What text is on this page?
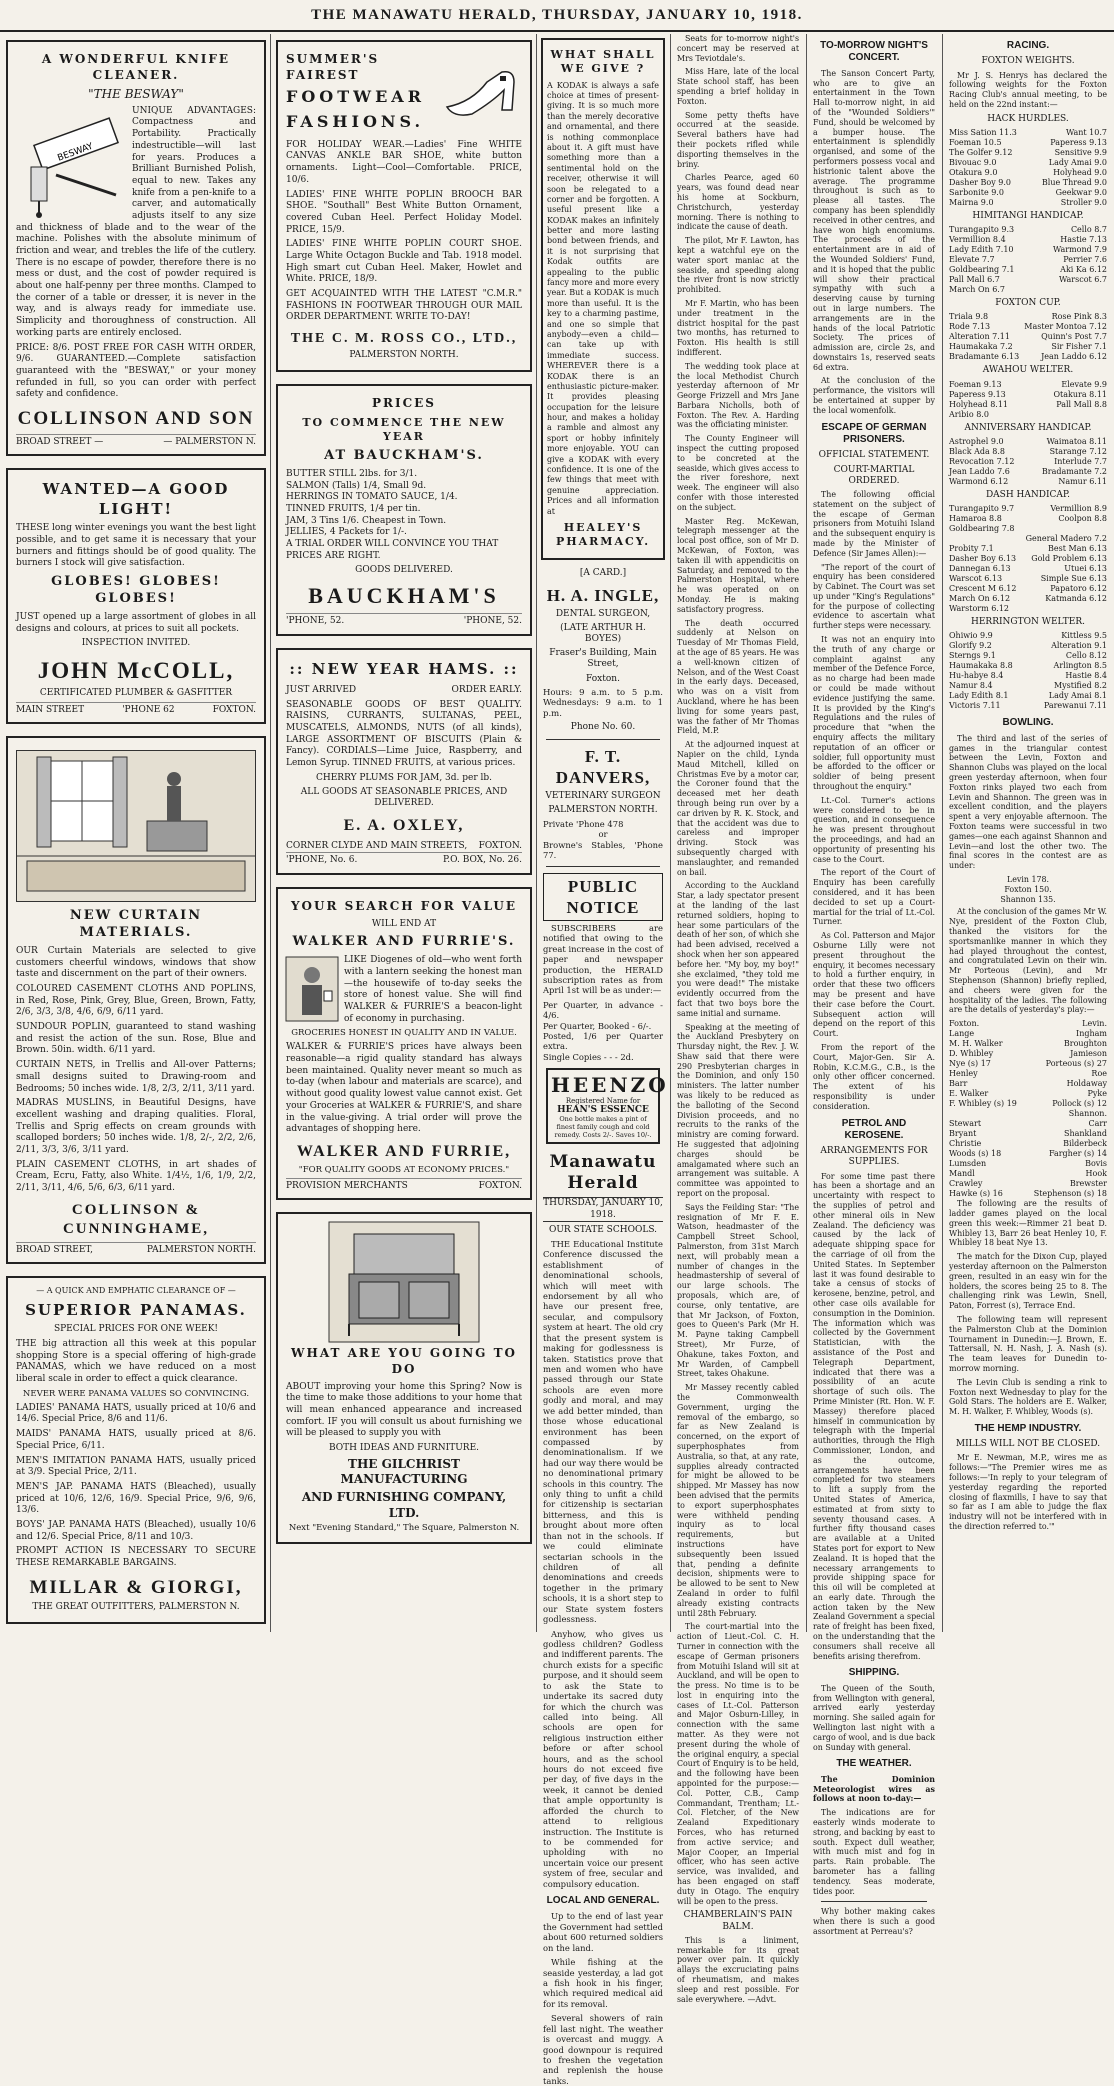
THE MANAWATU HERALD, THURSDAY, JANUARY 10, 1918.
A WONDERFUL KNIFE CLEANER.
"THE BESWAY"
BESWAY

UNIQUE ADVANTAGES: Compactness and Portability. Practically indestructible—will last for years. Produces a Brilliant Burnished Polish, equal to new. Takes any knife from a pen-knife to a carver, and automatically adjusts itself to any size and thickness of blade and to the wear of the machine. Polishes with the absolute minimum of friction and wear, and trebles the life of the cutlery. There is no escape of powder, therefore there is no mess or dust, and the cost of powder required is about one half-penny per three months. Clamped to the corner of a table or dresser, it is never in the way, and is always ready for immediate use. Simplicity and thoroughness of construction. All working parts are entirely enclosed.

PRICE: 8/6. POST FREE FOR CASH WITH ORDER, 9/6. GUARANTEED.—Complete satisfaction guaranteed with the "BESWAY," or your money refunded in full, so you can order with perfect safety and confidence.

COLLINSON AND SON
BROAD STREET —	— PALMERSTON N.
WANTED—A GOOD LIGHT!

THESE long winter evenings you want the best light possible, and to get same it is necessary that your burners and fittings should be of good quality. The burners I stock will give satisfaction.

GLOBES! GLOBES! GLOBES!

JUST opened up a large assortment of globes in all designs and colours, at prices to suit all pockets.

INSPECTION INVITED.
JOHN McCOLL,
CERTIFICATED PLUMBER & GASFITTER
MAIN STREET	'PHONE 62	FOXTON.
NEW CURTAIN MATERIALS.

OUR Curtain Materials are selected to give customers cheerful windows, windows that show taste and discernment on the part of their owners.

COLOURED CASEMENT CLOTHS AND POPLINS, in Red, Rose, Pink, Grey, Blue, Green, Brown, Fatty, 2/6, 3/3, 3/8, 4/6, 6/9, 6/11 yard.

SUNDOUR POPLIN, guaranteed to stand washing and resist the action of the sun. Rose, Blue and Brown. 50in. width. 6/11 yard.

CURTAIN NETS, in Trellis and All-over Patterns; small designs suited to Drawing-room and Bedrooms; 50 inches wide. 1/8, 2/3, 2/11, 3/11 yard.

MADRAS MUSLINS, in Beautiful Designs, have excellent washing and draping qualities. Floral, Trellis and Sprig effects on cream grounds with scalloped borders; 50 inches wide. 1/8, 2/-, 2/2, 2/6, 2/11, 3/3, 3/6, 3/11 yard.

PLAIN CASEMENT CLOTHS, in art shades of Cream, Ecru, Fatty, also White. 1/4½, 1/6, 1/9, 2/2, 2/11, 3/11, 4/6, 5/6, 6/3, 6/11 yard.

COLLINSON & CUNNINGHAME,
BROAD STREET,	PALMERSTON NORTH.
— A QUICK AND EMPHATIC CLEARANCE OF —
SUPERIOR PANAMAS.
SPECIAL PRICES FOR ONE WEEK!

THE big attraction all this week at this popular shopping Store is a special offering of high-grade PANAMAS, which we have reduced on a most liberal scale in order to effect a quick clearance.

NEVER WERE PANAMA VALUES SO CONVINCING.

LADIES' PANAMA HATS, usually priced at 10/6 and 14/6. Special Price, 8/6 and 11/6.

MAIDS' PANAMA HATS, usually priced at 8/6. Special Price, 6/11.

MEN'S IMITATION PANAMA HATS, usually priced at 3/9. Special Price, 2/11.

MEN'S JAP. PANAMA HATS (Bleached), usually priced at 10/6, 12/6, 16/9. Special Price, 9/6, 9/6, 13/6.

BOYS' JAP. PANAMA HATS (Bleached), usually 10/6 and 12/6. Special Price, 8/11 and 10/3.

PROMPT ACTION IS NECESSARY TO SECURE THESE REMARKABLE BARGAINS.

MILLAR & GIORGI,
THE GREAT OUTFITTERS, PALMERSTON N.
SUMMER'S FAIREST
FOOTWEAR
FASHIONS.

FOR HOLIDAY WEAR.—Ladies' Fine WHITE CANVAS ANKLE BAR SHOE, white button ornaments. Light—Cool—Comfortable. PRICE, 10/6.

LADIES' FINE WHITE POPLIN BROOCH BAR SHOE. "Southall" Best White Button Ornament, covered Cuban Heel. Perfect Holiday Model. PRICE, 15/9.

LADIES' FINE WHITE POPLIN COURT SHOE. Large White Octagon Buckle and Tab. 1918 model. High smart cut Cuban Heel. Maker, Howlet and White. PRICE, 18/9.

GET ACQUAINTED WITH THE LATEST "C.M.R." FASHIONS IN FOOTWEAR THROUGH OUR MAIL ORDER DEPARTMENT. WRITE TO-DAY!

THE C. M. ROSS CO., LTD.,
PALMERSTON NORTH.
PRICES
TO COMMENCE THE NEW YEAR
AT BAUCKHAM'S.
BUTTER STILL 2lbs. for 3/1.
SALMON (Talls) 1/4, Small 9d.
HERRINGS IN TOMATO SAUCE, 1/4.
TINNED FRUITS, 1/4 per tin.
JAM, 3 Tins 1/6. Cheapest in Town.
JELLIES, 4 Packets for 1/-.
A TRIAL ORDER WILL CONVINCE YOU THAT PRICES ARE RIGHT.
GOODS DELIVERED.
BAUCKHAM'S
'PHONE, 52.	'PHONE, 52.
:: NEW YEAR HAMS. ::
JUST ARRIVED	ORDER EARLY.

SEASONABLE GOODS OF BEST QUALITY. RAISINS, CURRANTS, SULTANAS, PEEL, MUSCATELS, ALMONDS, NUTS (of all kinds), LARGE ASSORTMENT OF BISCUITS (Plain & Fancy). CORDIALS—Lime Juice, Raspberry, and Lemon Syrup. TINNED FRUITS, at various prices.

CHERRY PLUMS FOR JAM, 3d. per lb.
ALL GOODS AT SEASONABLE PRICES, AND DELIVERED.
E. A. OXLEY,
CORNER CLYDE AND MAIN STREETS, FOXTON.
'PHONE, No. 6.	P.O. BOX, No. 26.
YOUR SEARCH FOR VALUE
WILL END AT
WALKER AND FURRIE'S.

LIKE Diogenes of old—who went forth with a lantern seeking the honest man—the housewife of to-day seeks the store of honest value. She will find WALKER & FURRIE'S a beacon-light of economy in purchasing.

GROCERIES HONEST IN QUALITY AND IN VALUE.

WALKER & FURRIE'S prices have always been reasonable—a rigid quality standard has always been maintained. Quality never meant so much as to-day (when labour and materials are scarce), and without good quality lowest value cannot exist. Get your Groceries at WALKER & FURRIE'S, and share in the value-giving. A trial order will prove the advantages of shopping here.

WALKER AND FURRIE,
"FOR QUALITY GOODS AT ECONOMY PRICES."
PROVISION MERCHANTS	FOXTON.
WHAT ARE YOU GOING TO DO

ABOUT improving your home this Spring? Now is the time to make those additions to your home that will mean enhanced appearance and increased comfort. IF you will consult us about furnishing we will be pleased to supply you with

BOTH IDEAS AND FURNITURE.
THE GILCHRIST MANUFACTURING
AND FURNISHING COMPANY, LTD.
Next "Evening Standard," The Square, Palmerston N.
WHAT SHALL WE GIVE ?

A KODAK is always a safe choice at times of present-giving. It is so much more than the merely decorative and ornamental, and there is nothing commonplace about it. A gift must have something more than a sentimental hold on the receiver, otherwise it will soon be relegated to a corner and be forgotten. A useful present like a KODAK makes an infinitely better and more lasting bond between friends, and it is not surprising that Kodak outfits are appealing to the public fancy more and more every year. But a KODAK is much more than useful. It is the key to a charming pastime, and one so simple that anybody—even a child—can take up with immediate success. WHEREVER there is a KODAK there is an enthusiastic picture-maker. It provides pleasing occupation for the leisure hour, and makes a holiday a ramble and almost any sport or hobby infinitely more enjoyable. YOU can give a KODAK with every confidence. It is one of the few things that meet with genuine appreciation. Prices and all information at

HEALEY'S PHARMACY.
[A CARD.]
H. A. INGLE,
DENTAL SURGEON,
(LATE ARTHUR H. BOYES)
Fraser's Building, Main Street,
Foxton.
Hours: 9 a.m. to 5 p.m. Wednesdays: 9 a.m. to 1 p.m.
Phone No. 60.
F. T. DANVERS,
VETERINARY SURGEON
PALMERSTON NORTH.
Private 'Phone 478
or
Browne's Stables, 'Phone 77.
PUBLIC NOTICE

SUBSCRIBERS are notified that owing to the great increase in the cost of paper and newspaper production, the HERALD subscription rates as from April 1st will be as under:—

Per Quarter, in advance - 4/6.
Per Quarter, Booked - 6/-.
Posted, 1/6 per Quarter extra.
Single Copies - - - 2d.
HEENZO
Registered Name for
HEAN'S ESSENCE
One bottle makes a pint of finest family cough and cold remedy. Costs 2/-. Saves 10/-.
Manawatu Herald
THURSDAY, JANUARY 10, 1918.
OUR STATE SCHOOLS.

THE Educational Institute Conference discussed the establishment of denominational schools, which will meet with endorsement by all who have our present free, secular, and compulsory system at heart. The old cry that the present system is making for godlessness is taken. Statistics prove that men and women who have passed through our State schools are even more godly and moral, and may we add better minded, than those whose educational environment has been compassed by denominationalism. If we had our way there would be no denominational primary schools in this country. The only thing to unfit a child for citizenship is sectarian bitterness, and this is brought about more often than not in the schools. If we could eliminate sectarian schools in the children of all denominations and creeds together in the primary schools, it is a short step to our State system fosters godlessness.

Anyhow, who gives us godless children? Godless and indifferent parents. The church exists for a specific purpose, and it should seem to ask the State to undertake its sacred duty for which the church was called into being. All schools are open for religious instruction either before or after school hours, and as the school hours do not exceed five per day, of five days in the week, it cannot be denied that ample opportunity is afforded the church to attend to religious instruction. The Institute is to be commended for upholding with no uncertain voice our present system of free, secular and compulsory education.

LOCAL AND GENERAL.

Up to the end of last year the Government had settled about 600 returned soldiers on the land.

While fishing at the seaside yesterday, a lad got a fish hook in his finger, which required medical aid for its removal.

Several showers of rain fell last night. The weather is overcast and muggy. A good downpour is required to freshen the vegetation and replenish the house tanks.

Seats for to-morrow night's concert may be reserved at Mrs Teviotdale's.

Miss Hare, late of the local State school staff, has been spending a brief holiday in Foxton.

Some petty thefts have occurred at the seaside. Several bathers have had their pockets rifled while disporting themselves in the briny.

Charles Pearce, aged 60 years, was found dead near his home at Sockburn, Christchurch, yesterday morning. There is nothing to indicate the cause of death.

The pilot, Mr F. Lawton, has kept a watchful eye on the water sport maniac at the seaside, and speeding along the river front is now strictly prohibited.

Mr F. Martin, who has been under treatment in the district hospital for the past two months, has returned to Foxton. His health is still indifferent.

The wedding took place at the local Methodist Church yesterday afternoon of Mr George Frizzell and Mrs Jane Barbara Nicholls, both of Foxton. The Rev. A. Harding was the officiating minister.

The County Engineer will inspect the cutting proposed to be concreted at the seaside, which gives access to the river foreshore, next week. The engineer will also confer with those interested on the subject.

Master Reg. McKewan, telegraph messenger at the local post office, son of Mr D. McKewan, of Foxton, was taken ill with appendicitis on Saturday, and removed to the Palmerston Hospital, where he was operated on on Monday. He is making satisfactory progress.

The death occurred suddenly at Nelson on Tuesday of Mr Thomas Field, at the age of 85 years. He was a well-known citizen of Nelson, and of the West Coast in the early days. Deceased, who was on a visit from Auckland, where he has been living for some years past, was the father of Mr Thomas Field, M.P.

At the adjourned inquest at Napier on the child, Lynda Maud Mitchell, killed on Christmas Eve by a motor car, the Coroner found that the deceased met her death through being run over by a car driven by R. K. Stock, and that the accident was due to careless and improper driving. Stock was subsequently charged with manslaughter, and remanded on bail.

According to the Auckland Star, a lady spectator present at the landing of the last returned soldiers, hoping to hear some particulars of the death of her son, of which she had been advised, received a shock when her son appeared before her. "My boy, my boy!" she exclaimed, "they told me you were dead!" The mistake evidently occurred from the fact that two boys bore the same initial and surname.

Speaking at the meeting of the Auckland Presbytery on Thursday night, the Rev. J. W. Shaw said that there were 290 Presbyterian charges in the Dominion, and only 150 ministers. The latter number was likely to be reduced as the balloting of the Second Division proceeds, and no recruits to the ranks of the ministry are coming forward. He suggested that adjoining charges should be amalgamated where such an arrangement was suitable. A committee was appointed to report on the proposal.

Says the Feilding Star: "The resignation of Mr F. E. Watson, headmaster of the Campbell Street School, Palmerston, from 31st March next, will probably mean a number of changes in the headmastership of several of our large schools. The proposals, which are, of course, only tentative, are that Mr Jackson, of Foxton, goes to Queen's Park (Mr H. M. Payne taking Campbell Street), Mr Furze, of Ohakune, takes Foxton, and Mr Warden, of Campbell Street, takes Ohakune.

Mr Massey recently cabled the Commonwealth Government, urging the removal of the embargo, so far as New Zealand is concerned, on the export of superphosphates from Australia, so that, at any rate, supplies already contracted for might be allowed to be shipped. Mr Massey has now been advised that the permits to export superphosphates were withheld pending inquiry as to local requirements, but instructions have subsequently been issued that, pending a definite decision, shipments were to be allowed to be sent to New Zealand in order to fulfil already existing contracts until 28th February.

The court-martial into the action of Lieut.-Col. C. H. Turner in connection with the escape of German prisoners from Motuihi Island will sit at Auckland, and will be open to the press. No time is to be lost in enquiring into the cases of Lt.-Col. Patterson and Major Osburn-Lilley, in connection with the same matter. As they were not present during the whole of the original enquiry, a special Court of Enquiry is to be held, and the following have been appointed for the purpose:—Col. Potter, C.B., Camp Commandant, Trentham; Lt.-Col. Fletcher, of the New Zealand Expeditionary Forces, who has returned from active service; and Major Cooper, an Imperial officer, who has seen active service, was invalided, and has been engaged on staff duty in Otago. The enquiry will be open to the press.

CHAMBERLAIN'S PAIN BALM.

This is a liniment, remarkable for its great power over pain. It quickly allays the excruciating pains of rheumatism, and makes sleep and rest possible. For sale everywhere. —Advt.

TO-MORROW NIGHT'S CONCERT.

The Sanson Concert Party, who are to give an entertainment in the Town Hall to-morrow night, in aid of the "Wounded Soldiers'" Fund, should be welcomed by a bumper house. The entertainment is splendidly organised, and some of the performers possess vocal and histrionic talent above the average. The programme throughout is such as to please all tastes. The company has been splendidly received in other centres, and have won high encomiums. The proceeds of the entertainment are in aid of the Wounded Soldiers' Fund, and it is hoped that the public will show their practical sympathy with such a deserving cause by turning out in large numbers. The arrangements are in the hands of the local Patriotic Society. The prices of admission are, circle 2s, and downstairs 1s, reserved seats 6d extra.

At the conclusion of the performance, the visitors will be entertained at supper by the local womenfolk.

ESCAPE OF GERMAN PRISONERS.
OFFICIAL STATEMENT.
COURT-MARTIAL ORDERED.

The following official statement on the subject of the escape of German prisoners from Motuihi Island and the subsequent enquiry is made by the Minister of Defence (Sir James Allen):—

"The report of the court of enquiry has been considered by Cabinet. The Court was set up under "King's Regulations" for the purpose of collecting evidence to ascertain what further steps were necessary.

It was not an enquiry into the truth of any charge or complaint against any member of the Defence Force, as no charge had been made or could be made without evidence justifying the same. It is provided by the King's Regulations and the rules of procedure that "when the enquiry affects the military reputation of an officer or soldier, full opportunity must be afforded to the officer or soldier of being present throughout the enquiry."

Lt.-Col. Turner's actions were considered to be in question, and in consequence he was present throughout the proceedings, and had an opportunity of presenting his case to the Court.

The report of the Court of Enquiry has been carefully considered, and it has been decided to set up a Court-martial for the trial of Lt.-Col. Turner.

As Col. Patterson and Major Osburne Lilly were not present throughout the enquiry, it becomes necessary to hold a further enquiry, in order that these two officers may be present and have their case before the Court. Subsequent action will depend on the report of this Court.

From the report of the Court, Major-Gen. Sir A. Robin, K.C.M.G., C.B., is the only other officer concerned. The extent of his responsibility is under consideration.

PETROL AND KEROSENE.
ARRANGEMENTS FOR SUPPLIES.

For some time past there has been a shortage and an uncertainty with respect to the supplies of petrol and other mineral oils in New Zealand. The deficiency was caused by the lack of adequate shipping space for the carriage of oil from the United States. In September last it was found desirable to take a census of stocks of kerosene, benzine, petrol, and other case oils available for consumption in the Dominion. The information which was collected by the Government Statistician, with the assistance of the Post and Telegraph Department, indicated that there was a possibility of an acute shortage of such oils. The Prime Minister (Rt. Hon. W. F. Massey) therefore placed himself in communication by telegraph with the Imperial authorities, through the High Commissioner, London, and as the outcome, arrangements have been completed for two steamers to lift a supply from the United States of America, estimated at from sixty to seventy thousand cases. A further fifty thousand cases are available at a United States port for export to New Zealand. It is hoped that the necessary arrangements to provide shipping space for this oil will be completed at an early date. Through the action taken by the New Zealand Government a special rate of freight has been fixed, on the understanding that the consumers shall receive all benefits arising therefrom.

SHIPPING.

The Queen of the South, from Wellington with general, arrived early yesterday morning. She sailed again for Wellington last night with a cargo of wool, and is due back on Sunday with general.

THE WEATHER.

The Dominion Meteorologist wires as follows at noon to-day:—

The indications are for easterly winds moderate to strong, and backing by east to south. Expect dull weather, with much mist and fog in parts. Rain probable. The barometer has a falling tendency. Seas moderate, tides poor.

Why bother making cakes when there is such a good assortment at Perreau's?

RACING.
FOXTON WEIGHTS.

Mr J. S. Henrys has declared the following weights for the Foxton Racing Club's annual meeting, to be held on the 22nd instant:—

HACK HURDLES.
Miss Sation 11.3	Want 10.7
Foeman 10.5	Paperess 9.13
The Golfer 9.12	Sensitive 9.9
Bivouac 9.0	Lady Amai 9.0
Otakura 9.0	Holyhead 9.0
Dasher Boy 9.0	Blue Thread 9.0
Sarbonite 9.0	Geekwar 9.0
Mairna 9.0	Stroller 9.0
HIMITANGI HANDICAP.
Turangapito 9.3	Cello 8.7
Vermillion 8.4	Hastie 7.13
Lady Edith 7.10	Warmond 7.9
Elevate 7.7	Perrier 7.6
Goldbearing 7.1	Aki Ka 6.12
Pall Mall 6.7	Warscot 6.7
March On 6.7
FOXTON CUP.
Triala 9.8	Rose Pink 8.3
Rode 7.13	Master Montoa 7.12
Alteration 7.11	Quinn's Post 7.7
Haumakaka 7.2	Sir Fisher 7.1
Bradamante 6.13	Jean Laddo 6.12
AWAHOU WELTER.
Foeman 9.13	Elevate 9.9
Paperess 9.13	Otakura 8.11
Holyhead 8.11	Pall Mall 8.8
Aribio 8.0
ANNIVERSARY HANDICAP.
Astrophel 9.0	Waimatoa 8.11
Black Ada 8.8	Starange 7.12
Revocation 7.12	Interlude 7.7
Jean Laddo 7.6	Bradamante 7.2
Warmond 6.12	Namur 6.11
DASH HANDICAP.
Turangapito 9.7	Vermillion 8.9
Hamaroa 8.8	Coolpon 8.8
Goldbearing 7.8
General Madero 7.2
Probity 7.1	Best Man 6.13
Dasher Boy 6.13 Gold Problem 6.13
Dannegan 6.13	Utuei 6.13
Warscot 6.13	Simple Sue 6.13
Crescent M 6.12	Papatoro 6.12
March On 6.12	Katmanda 6.12
Warstorm 6.12
HERRINGTON WELTER.
Ohiwio 9.9	Kittless 9.5
Glorify 9.2	Alteration 9.1
Sterngs 9.1	Cello 8.12
Haumakaka 8.8	Arlington 8.5
Hu-habye 8.4	Hastie 8.4
Namur 8.4	Mystified 8.2
Lady Edith 8.1	Lady Amai 8.1
Victoris 7.11	Parewanui 7.11
BOWLING.

The third and last of the series of games in the triangular contest between the Levin, Foxton and Shannon Clubs was played on the local green yesterday afternoon, when four Foxton rinks played two each from Levin and Shannon. The green was in excellent condition, and the players spent a very enjoyable afternoon. The Foxton teams were successful in two games—one each against Shannon and Levin—and lost the other two. The final scores in the contest are as under:

Levin 178.
Foxton 150.
Shannon 135.

At the conclusion of the games Mr W. Nye, president of the Foxton Club, thanked the visitors for the sportsmanlike manner in which they had played throughout the contest, and congratulated Levin on their win. Mr Porteous (Levin), and Mr Stephenson (Shannon) briefly replied, and cheers were given for the hospitality of the ladies. The following are the details of yesterday's play:—

Foxton.	Levin.
Lange	Ingham
M. H. Walker	Broughton
D. Whibley	Jamieson
Nye (s) 17	Porteous (s) 27
Henley	Roe
Barr	Holdaway
E. Walker	Pyke
F. Whibley (s) 19	Pollock (s) 12
Shannon.
Stewart	Carr
Bryant	Shankland
Christie	Bilderbeck
Woods (s) 18	Fargher (s) 14
Lumsden	Bovis
Mandl	Hook
Crawley	Brewster
Hawke (s) 16	Stephenson (s) 18

The following are the results of ladder games played on the local green this week:—Rimmer 21 beat D. Whibley 13, Barr 26 beat Henley 10, F. Whibley 18 beat Nye 13.

The match for the Dixon Cup, played yesterday afternoon on the Palmerston green, resulted in an easy win for the holders, the scores being 25 to 8. The challenging rink was Lewin, Snell, Paton, Forrest (s), Terrace End.

The following team will represent the Palmerston Club at the Dominion Tournament in Dunedin:—J. Brown, E. Tattersall, N. H. Nash, J. A. Nash (s). The team leaves for Dunedin to-morrow morning.

The Levin Club is sending a rink to Foxton next Wednesday to play for the Gold Stars. The holders are E. Walker, M. H. Walker, F. Whibley, Woods (s).

THE HEMP INDUSTRY.
MILLS WILL NOT BE CLOSED.

Mr E. Newman, M.P., wires me as follows:—"The Premier wires me as follows:—'In reply to your telegram of yesterday regarding the reported closing of flaxmills, I have to say that so far as I am able to judge the flax industry will not be interfered with in the direction referred to.'"
